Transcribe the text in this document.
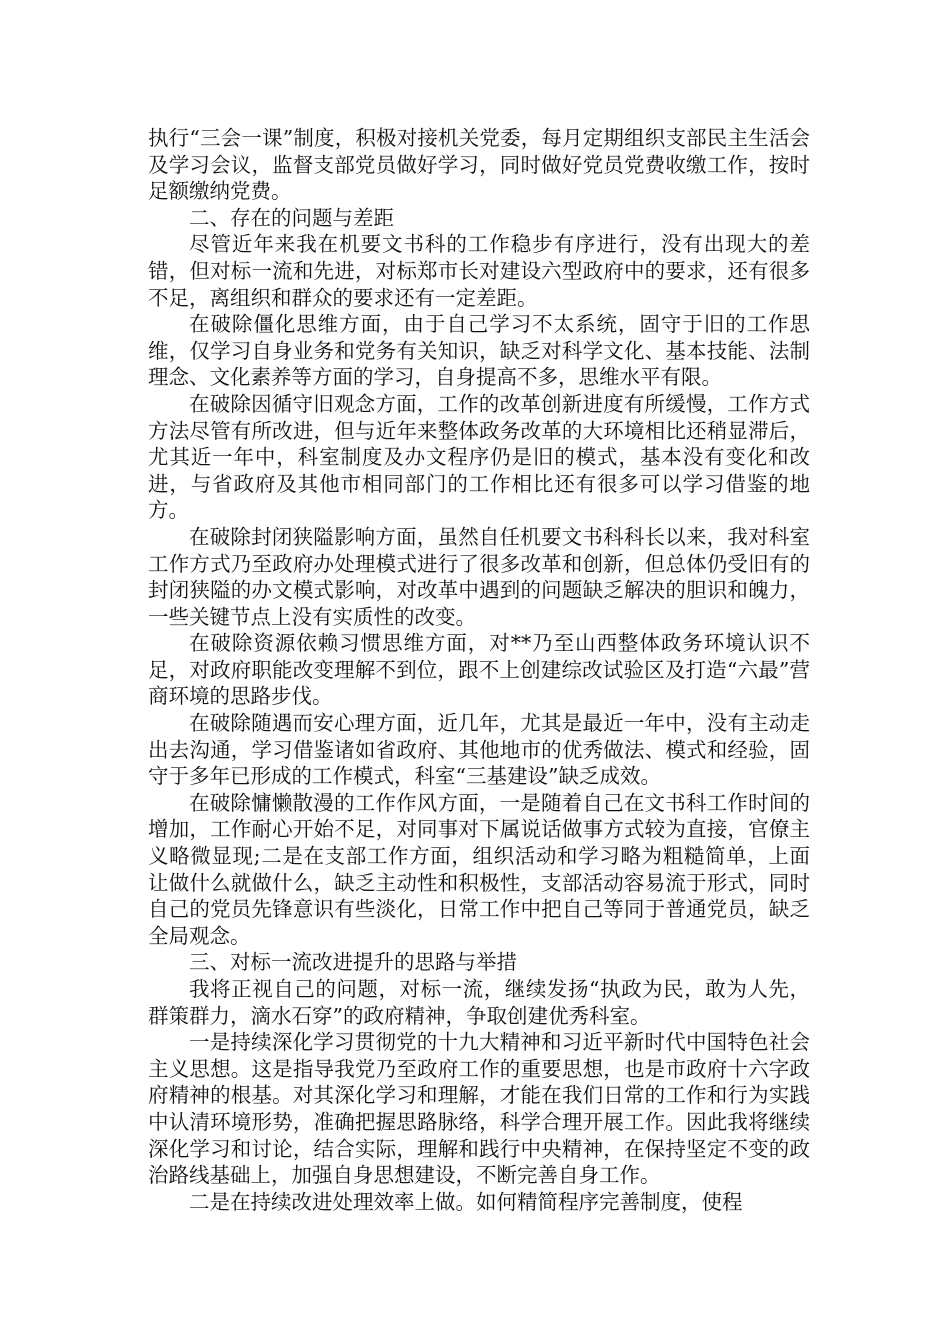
执行“三会一课”制度，积极对接机关党委，每月定期组织支部民主生活会及学习会议，监督支部党员做好学习，同时做好党员党费收缴工作，按时足额缴纳党费。

二、存在的问题与差距

尽管近年来我在机要文书科的工作稳步有序进行，没有出现大的差错，但对标一流和先进，对标郑市长对建设六型政府中的要求，还有很多不足，离组织和群众的要求还有一定差距。

在破除僵化思维方面，由于自己学习不太系统，固守于旧的工作思维，仅学习自身业务和党务有关知识，缺乏对科学文化、基本技能、法制理念、文化素养等方面的学习，自身提高不多，思维水平有限。

在破除因循守旧观念方面，工作的改革创新进度有所缓慢，工作方式方法尽管有所改进，但与近年来整体政务改革的大环境相比还稍显滞后，尤其近一年中，科室制度及办文程序仍是旧的模式，基本没有变化和改进，与省政府及其他市相同部门的工作相比还有很多可以学习借鉴的地方。

在破除封闭狭隘影响方面，虽然自任机要文书科科长以来，我对科室工作方式乃至政府办处理模式进行了很多改革和创新，但总体仍受旧有的封闭狭隘的办文模式影响，对改革中遇到的问题缺乏解决的胆识和魄力，一些关键节点上没有实质性的改变。

在破除资源依赖习惯思维方面，对**乃至山西整体政务环境认识不足，对政府职能改变理解不到位，跟不上创建综改试验区及打造“六最”营商环境的思路步伐。

在破除随遇而安心理方面，近几年，尤其是最近一年中，没有主动走出去沟通，学习借鉴诸如省政府、其他地市的优秀做法、模式和经验，固守于多年已形成的工作模式，科室“三基建设”缺乏成效。

在破除慵懒散漫的工作作风方面，一是随着自己在文书科工作时间的增加，工作耐心开始不足，对同事对下属说话做事方式较为直接，官僚主义略微显现;二是在支部工作方面，组织活动和学习略为粗糙简单，上面让做什么就做什么，缺乏主动性和积极性，支部活动容易流于形式，同时自己的党员先锋意识有些淡化，日常工作中把自己等同于普通党员，缺乏全局观念。

三、对标一流改进提升的思路与举措

我将正视自己的问题，对标一流，继续发扬“执政为民，敢为人先，群策群力，滴水石穿”的政府精神，争取创建优秀科室。

一是持续深化学习贯彻党的十九大精神和习近平新时代中国特色社会主义思想。这是指导我党乃至政府工作的重要思想，也是市政府十六字政府精神的根基。对其深化学习和理解，才能在我们日常的工作和行为实践中认清环境形势，准确把握思路脉络，科学合理开展工作。因此我将继续深化学习和讨论，结合实际，理解和践行中央精神，在保持坚定不变的政治路线基础上，加强自身思想建设，不断完善自身工作。

二是在持续改进处理效率上做。如何精简程序完善制度，使程
